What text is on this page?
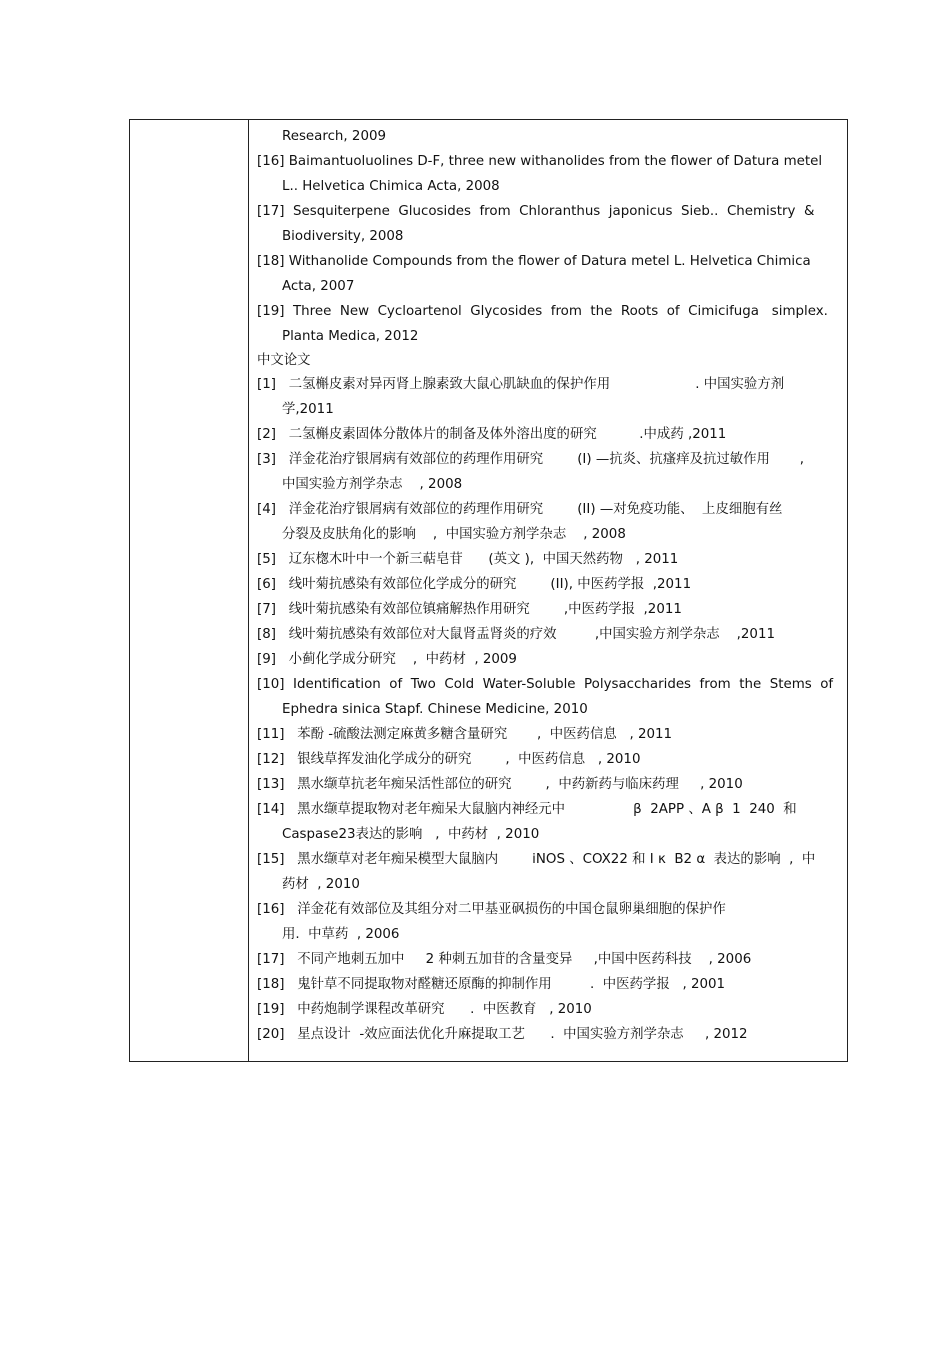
Research, 2009
[16] Baimantuoluolines D-F, three new withanolides from the flower of Datura metel
L.. Helvetica Chimica Acta, 2008
[17]  Sesquiterpene  Glucosides  from  Chloranthus  japonicus  Sieb..  Chemistry  &
Biodiversity, 2008
[18] Withanolide Compounds from the flower of Datura metel L. Helvetica Chimica
Acta, 2007
[19]  Three  New  Cycloartenol  Glycosides  from  the  Roots  of  Cimicifuga   simplex.
Planta Medica, 2012
中文论文
[1]   二氢槲皮素对异丙肾上腺素致大鼠心肌缺血的保护作用                    . 中国实验方剂
学,2011
[2]   二氢槲皮素固体分散体片的制备及体外溶出度的研究          .中成药 ,2011
[3]   洋金花治疗银屑病有效部位的药理作用研究        (I) —抗炎、抗瘙痒及抗过敏作用       ,
中国实验方剂学杂志    , 2008
[4]   洋金花治疗银屑病有效部位的药理作用研究        (II) —对免疫功能、  上皮细胞有丝
分裂及皮肤角化的影响    ,  中国实验方剂学杂志    , 2008
[5]   辽东楤木叶中一个新三萜皂苷      (英文 ),  中国天然药物   , 2011
[6]   线叶菊抗感染有效部位化学成分的研究        (II), 中医药学报  ,2011
[7]   线叶菊抗感染有效部位镇痛解热作用研究        ,中医药学报  ,2011
[8]   线叶菊抗感染有效部位对大鼠肾盂肾炎的疗效         ,中国实验方剂学杂志    ,2011
[9]   小蓟化学成分研究    ,  中药材  , 2009
[10]  Identification  of  Two  Cold  Water-Soluble  Polysaccharides  from  the  Stems  of
Ephedra sinica Stapf. Chinese Medicine, 2010
[11]   苯酚 -硫酸法测定麻黄多糖含量研究       ,  中医药信息   , 2011
[12]   银线草挥发油化学成分的研究        ,  中医药信息   , 2010
[13]   黑水缬草抗老年痴呆活性部位的研究        ,  中药新药与临床药理     , 2010
[14]   黑水缬草提取物对老年痴呆大鼠脑内神经元中                β  2APP 、A β  1  240  和
Caspase23表达的影响   ,  中药材  , 2010
[15]   黑水缬草对老年痴呆模型大鼠脑内        iNOS 、COX22 和 I κ  B2 α  表达的影响  ,  中
药材  , 2010
[16]   洋金花有效部位及其组分对二甲基亚砜损伤的中国仓鼠卵巢细胞的保护作
用.  中草药  , 2006
[17]   不同产地刺五加中     2 种刺五加苷的含量变异     ,中国中医药科技    , 2006
[18]   鬼针草不同提取物对醛糖还原酶的抑制作用         .  中医药学报   , 2001
[19]   中药炮制学课程改革研究      .  中医教育   , 2010
[20]   星点设计  -效应面法优化升麻提取工艺      .  中国实验方剂学杂志     , 2012
